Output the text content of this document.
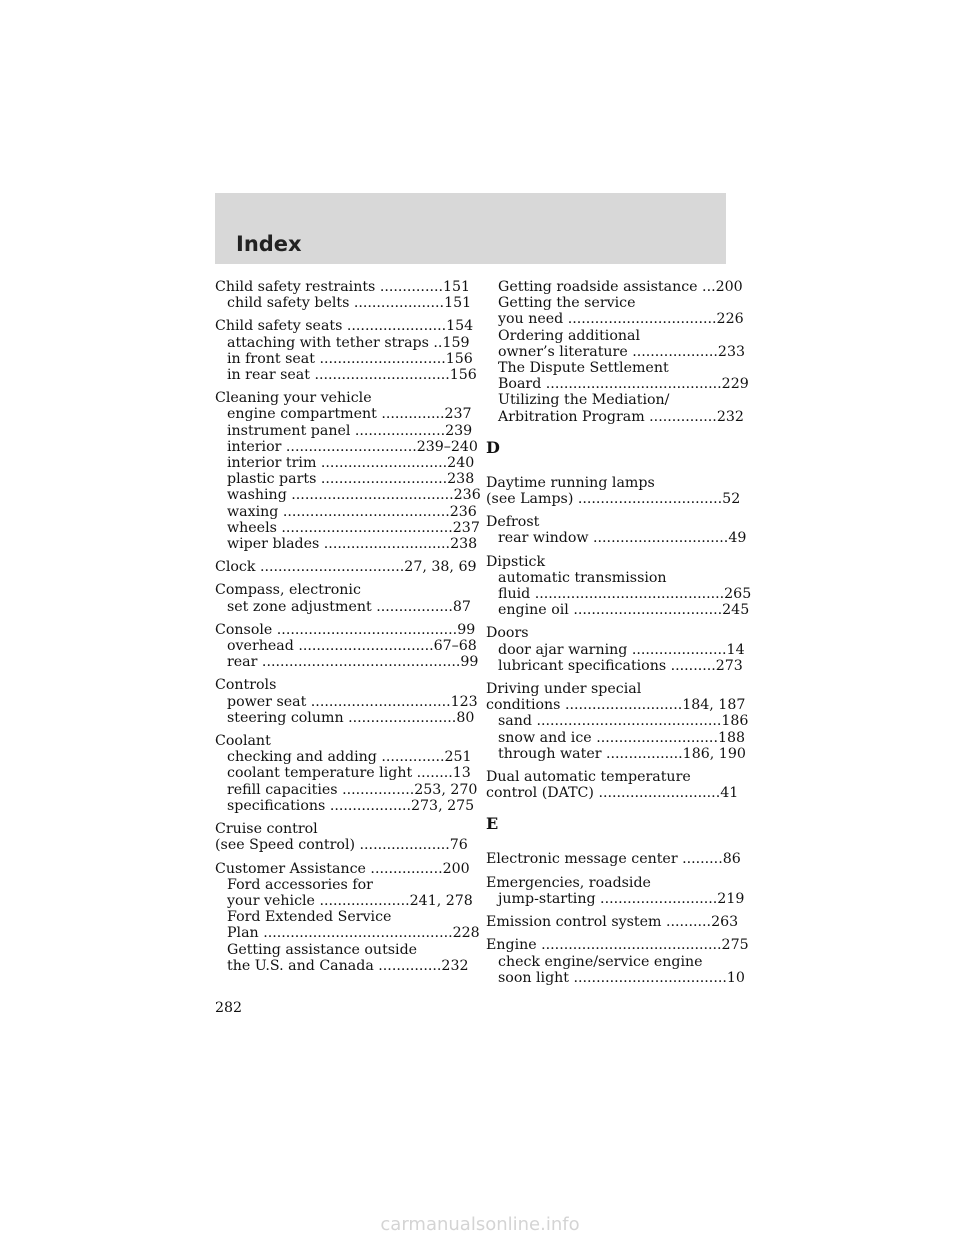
Index
Child safety restraints ..............151
child safety belts ....................151
Child safety seats ......................154
attaching with tether straps ..159
in front seat ............................156
in rear seat ..............................156
Cleaning your vehicle
engine compartment ..............237
instrument panel ....................239
interior .............................239–240
interior trim ............................240
plastic parts ............................238
washing ....................................236
waxing .....................................236
wheels ......................................237
wiper blades ............................238
Clock ................................27, 38, 69
Compass, electronic
set zone adjustment .................87
Console ........................................99
overhead ..............................67–68
rear ............................................99
Controls
power seat ...............................123
steering column ........................80
Coolant
checking and adding ..............251
coolant temperature light ........13
refill capacities ................253, 270
specifications ..................273, 275
Cruise control
(see Speed control) ....................76
Customer Assistance ................200
Ford accessories for
your vehicle ....................241, 278
Ford Extended Service
Plan ..........................................228
Getting assistance outside
the U.S. and Canada ..............232
Getting roadside assistance ...200
Getting the service
you need .................................226
Ordering additional
owner’s literature ...................233
The Dispute Settlement
Board .......................................229
Utilizing the Mediation/
Arbitration Program ...............232
D
Daytime running lamps
(see Lamps) ................................52
Defrost
rear window ..............................49
Dipstick
automatic transmission
fluid ..........................................265
engine oil .................................245
Doors
door ajar warning .....................14
lubricant specifications ..........273
Driving under special
conditions ..........................184, 187
sand .........................................186
snow and ice ...........................188
through water .................186, 190
Dual automatic temperature
control (DATC) ...........................41
E
Electronic message center .........86
Emergencies, roadside
jump-starting ..........................219
Emission control system ..........263
Engine ........................................275
check engine/service engine
soon light ..................................10
282
carmanualsonline.info
